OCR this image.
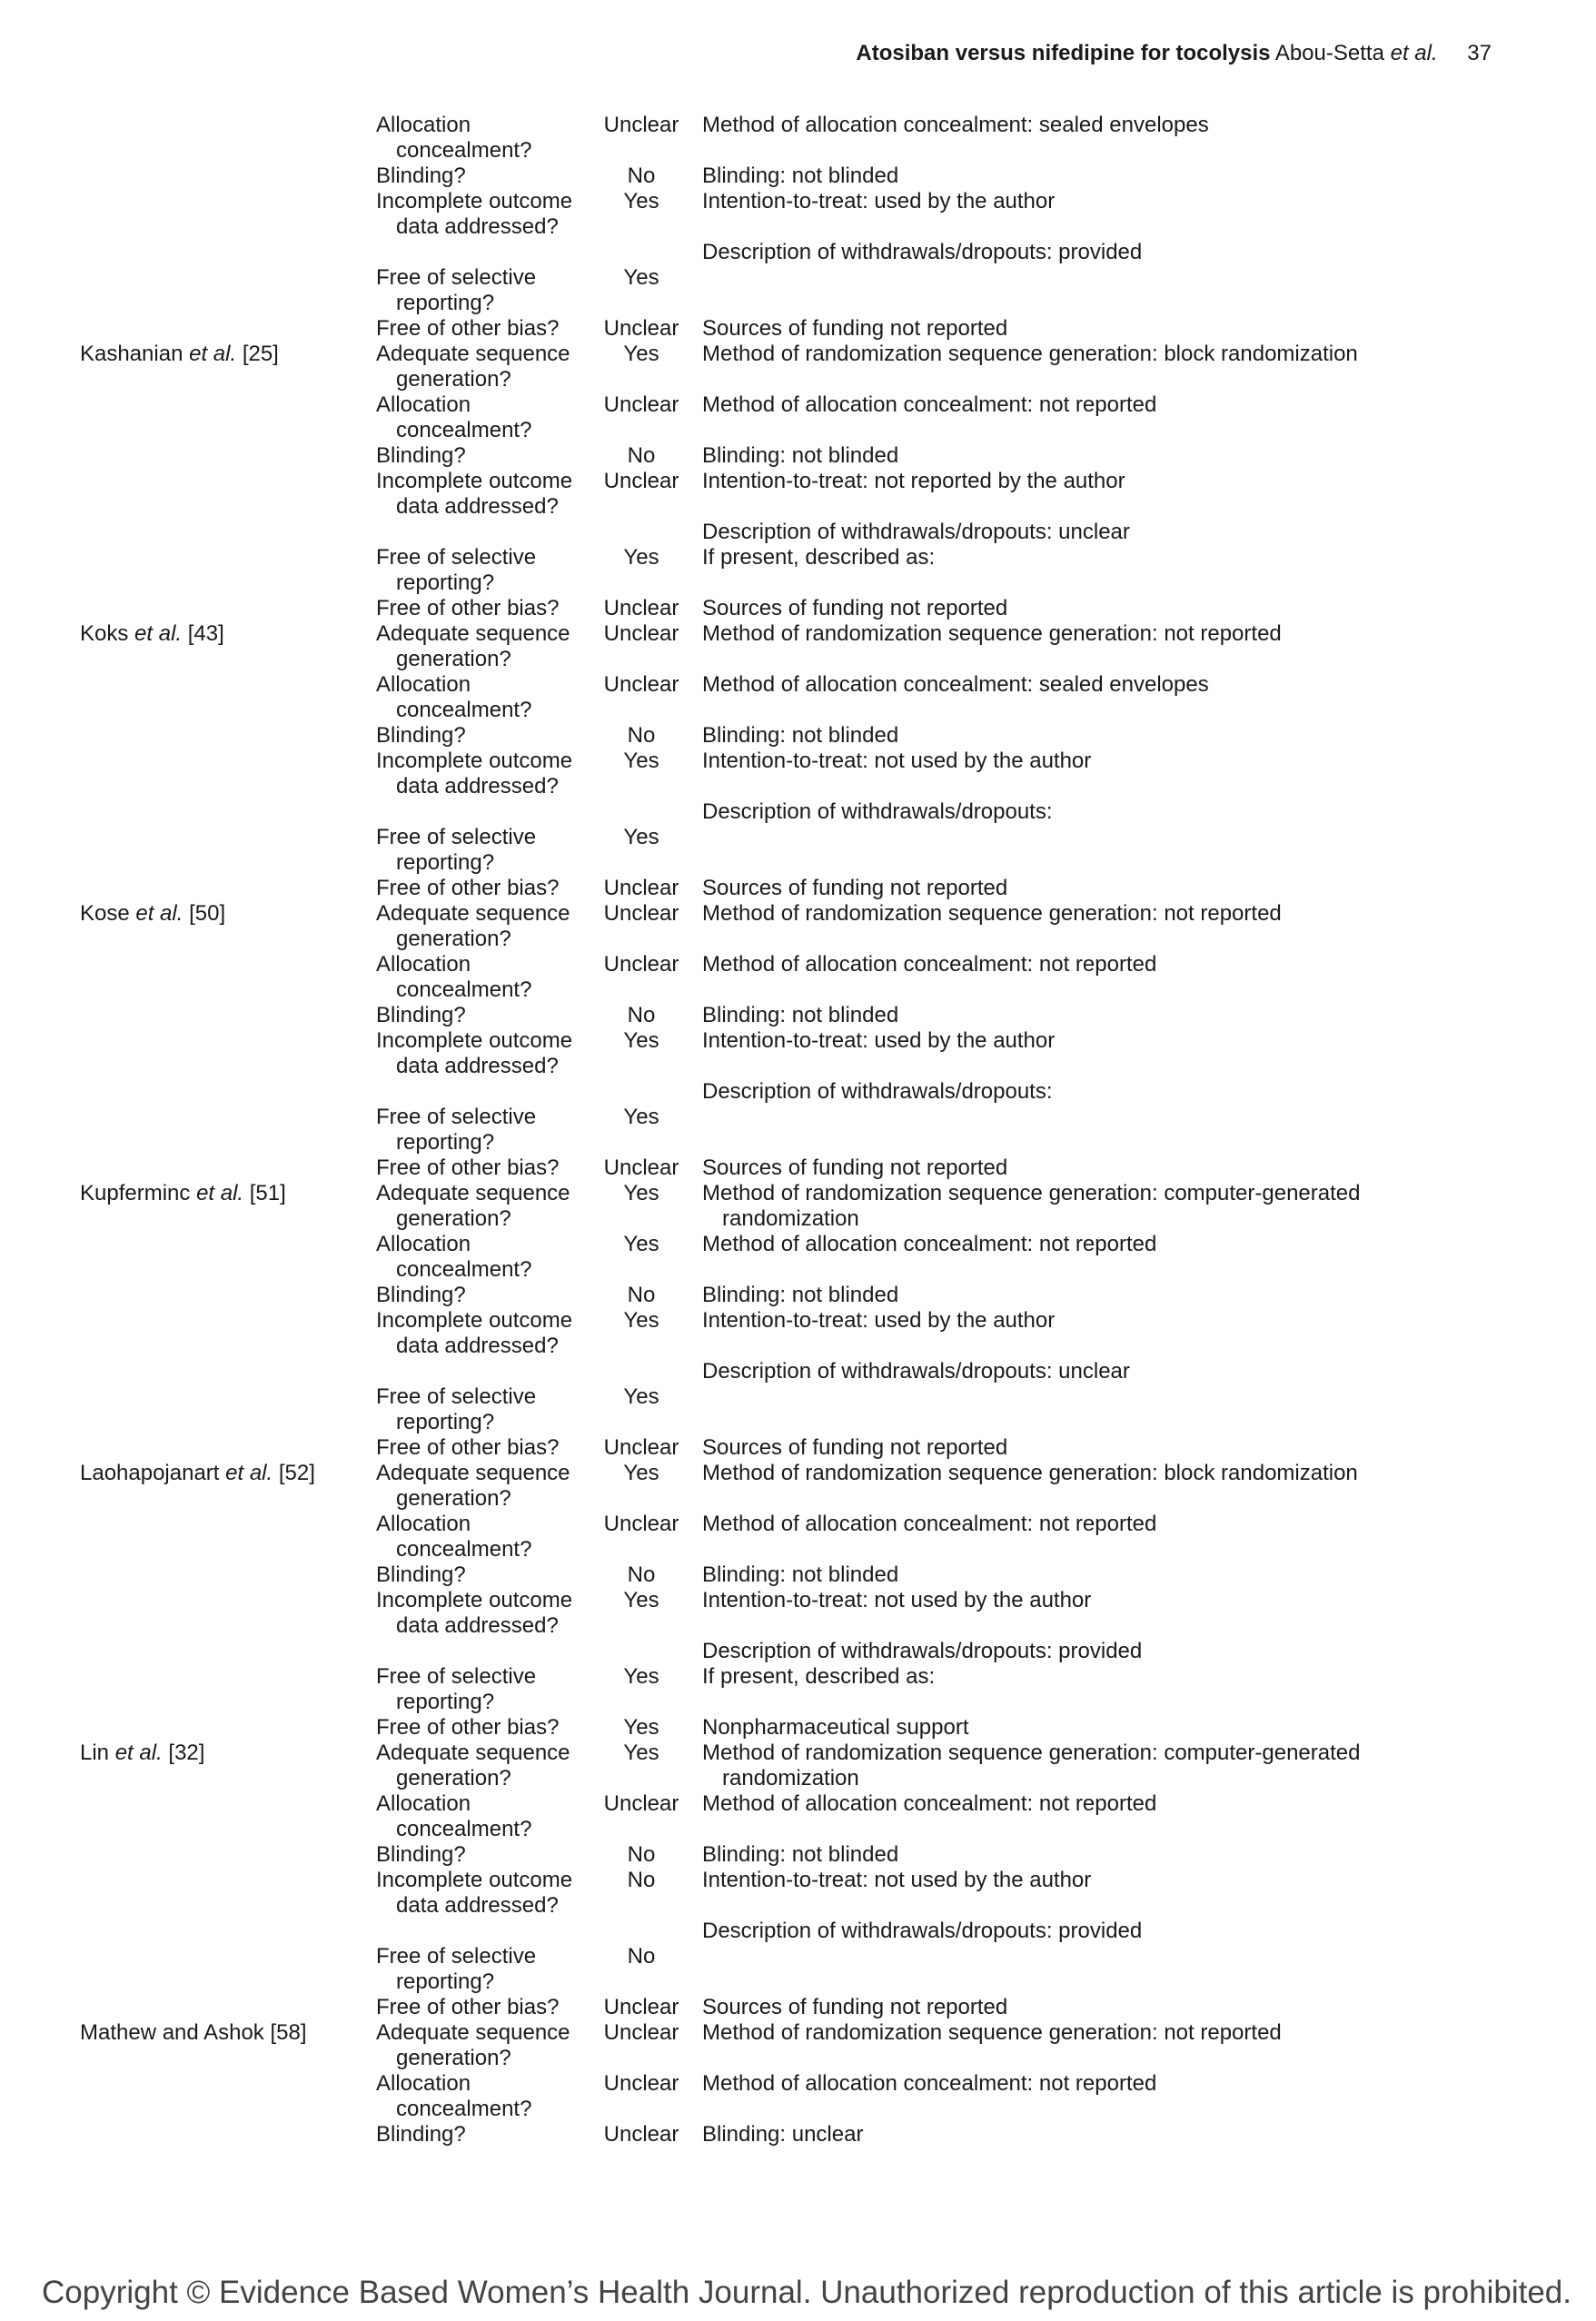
Atosiban versus nifedipine for tocolysis Abou-Setta et al. 37
Allocation
concealment?
Unclear	Method of allocation concealment: sealed envelopes
Blinding?	No	Blinding: not blinded
Incomplete outcome
data addressed?
Yes	Intention-to-treat: used by the author
Description of withdrawals/dropouts: provided
Free of selective
reporting?
Yes
Free of other bias?	Unclear	Sources of funding not reported
Kashanian et al. [25]	Adequate sequence
generation?
Yes	Method of randomization sequence generation: block randomization
Allocation
concealment?
Unclear	Method of allocation concealment: not reported
Blinding?	No	Blinding: not blinded
Incomplete outcome
data addressed?
Unclear	Intention-to-treat: not reported by the author
Description of withdrawals/dropouts: unclear
Free of selective
reporting?
Yes	If present, described as:
Free of other bias?	Unclear	Sources of funding not reported
Koks et al. [43]	Adequate sequence
generation?
Unclear	Method of randomization sequence generation: not reported
Allocation
concealment?
Unclear	Method of allocation concealment: sealed envelopes
Blinding?	No	Blinding: not blinded
Incomplete outcome
data addressed?
Yes	Intention-to-treat: not used by the author
Description of withdrawals/dropouts:
Free of selective
reporting?
Yes
Free of other bias?	Unclear	Sources of funding not reported
Kose et al. [50]	Adequate sequence
generation?
Unclear	Method of randomization sequence generation: not reported
Allocation
concealment?
Unclear	Method of allocation concealment: not reported
Blinding?	No	Blinding: not blinded
Incomplete outcome
data addressed?
Yes	Intention-to-treat: used by the author
Description of withdrawals/dropouts:
Free of selective
reporting?
Yes
Free of other bias?	Unclear	Sources of funding not reported
Kupferminc et al. [51]	Adequate sequence
generation?
Yes	Method of randomization sequence generation: computer-generated
randomization
Allocation
concealment?
Yes	Method of allocation concealment: not reported
Blinding?	No	Blinding: not blinded
Incomplete outcome
data addressed?
Yes	Intention-to-treat: used by the author
Description of withdrawals/dropouts: unclear
Free of selective
reporting?
Yes
Free of other bias?	Unclear	Sources of funding not reported
Laohapojanart et al. [52]	Adequate sequence
generation?
Yes	Method of randomization sequence generation: block randomization
Allocation
concealment?
Unclear	Method of allocation concealment: not reported
Blinding?	No	Blinding: not blinded
Incomplete outcome
data addressed?
Yes	Intention-to-treat: not used by the author
Description of withdrawals/dropouts: provided
Free of selective
reporting?
Yes	If present, described as:
Free of other bias?	Yes	Nonpharmaceutical support
Lin et al. [32]	Adequate sequence
generation?
Yes	Method of randomization sequence generation: computer-generated
randomization
Allocation
concealment?
Unclear	Method of allocation concealment: not reported
Blinding?	No	Blinding: not blinded
Incomplete outcome
data addressed?
No	Intention-to-treat: not used by the author
Description of withdrawals/dropouts: provided
Free of selective
reporting?
No
Free of other bias?	Unclear	Sources of funding not reported
Mathew and Ashok [58]	Adequate sequence
generation?
Unclear	Method of randomization sequence generation: not reported
Allocation
concealment?
Unclear	Method of allocation concealment: not reported
Blinding?	Unclear	Blinding: unclear
Copyright © Evidence Based Women’s Health Journal. Unauthorized reproduction of this article is prohibited.
